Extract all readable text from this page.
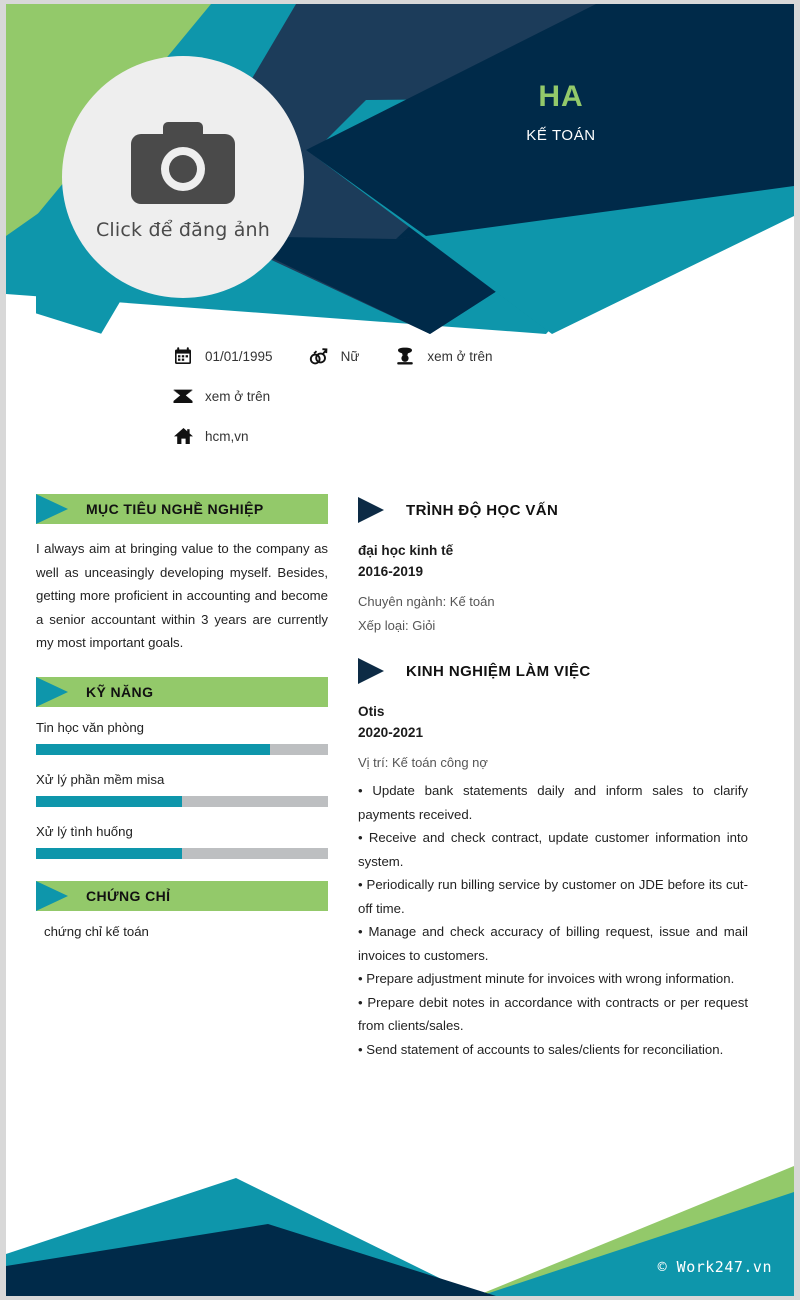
Click để đăng ảnh
HA
KẾ TOÁN
01/01/1995	Nữ	xem ở trên
xem ở trên
hcm,vn
MỤC TIÊU NGHỀ NGHIỆP
I always aim at bringing value to the company as well as unceasingly developing myself. Besides, getting more proficient in accounting and become a senior accountant within 3 years are currently my most important goals.
KỸ NĂNG
Tin học văn phòng
Xử lý phần mềm misa
Xử lý tình huống
CHỨNG CHỈ
chứng chỉ kế toán
TRÌNH ĐỘ HỌC VẤN
đại học kinh tế
2016-2019
Chuyên ngành: Kế toán
Xếp loại: Giỏi
KINH NGHIỆM LÀM VIỆC
Otis
2020-2021
Vị trí: Kế toán công nợ

• Update bank statements daily and inform sales to clarify payments received.

• Receive and check contract, update customer information into system.

• Periodically run billing service by customer on JDE before its cut-off time.

• Manage and check accuracy of billing request, issue and mail invoices to customers.

• Prepare adjustment minute for invoices with wrong information.

• Prepare debit notes in accordance with contracts or per request from clients/sales.

• Send statement of accounts to sales/clients for reconciliation.

© Work247.vn
